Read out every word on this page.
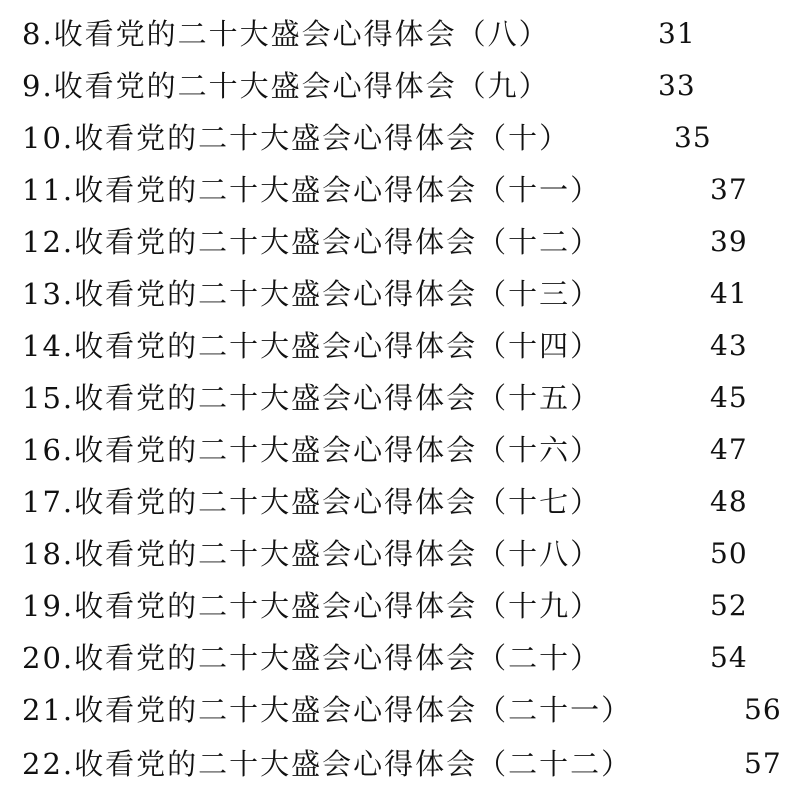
8.收看党的二十大盛会心得体会（八）	31
9.收看党的二十大盛会心得体会（九）	33
10.收看党的二十大盛会心得体会（十）	35
11.收看党的二十大盛会心得体会（十一）	37
12.收看党的二十大盛会心得体会（十二）	39
13.收看党的二十大盛会心得体会（十三）	41
14.收看党的二十大盛会心得体会（十四）	43
15.收看党的二十大盛会心得体会（十五）	45
16.收看党的二十大盛会心得体会（十六）	47
17.收看党的二十大盛会心得体会（十七）	48
18.收看党的二十大盛会心得体会（十八）	50
19.收看党的二十大盛会心得体会（十九）	52
20.收看党的二十大盛会心得体会（二十）	54
21.收看党的二十大盛会心得体会（二十一）	56
22.收看党的二十大盛会心得体会（二十二）	57
